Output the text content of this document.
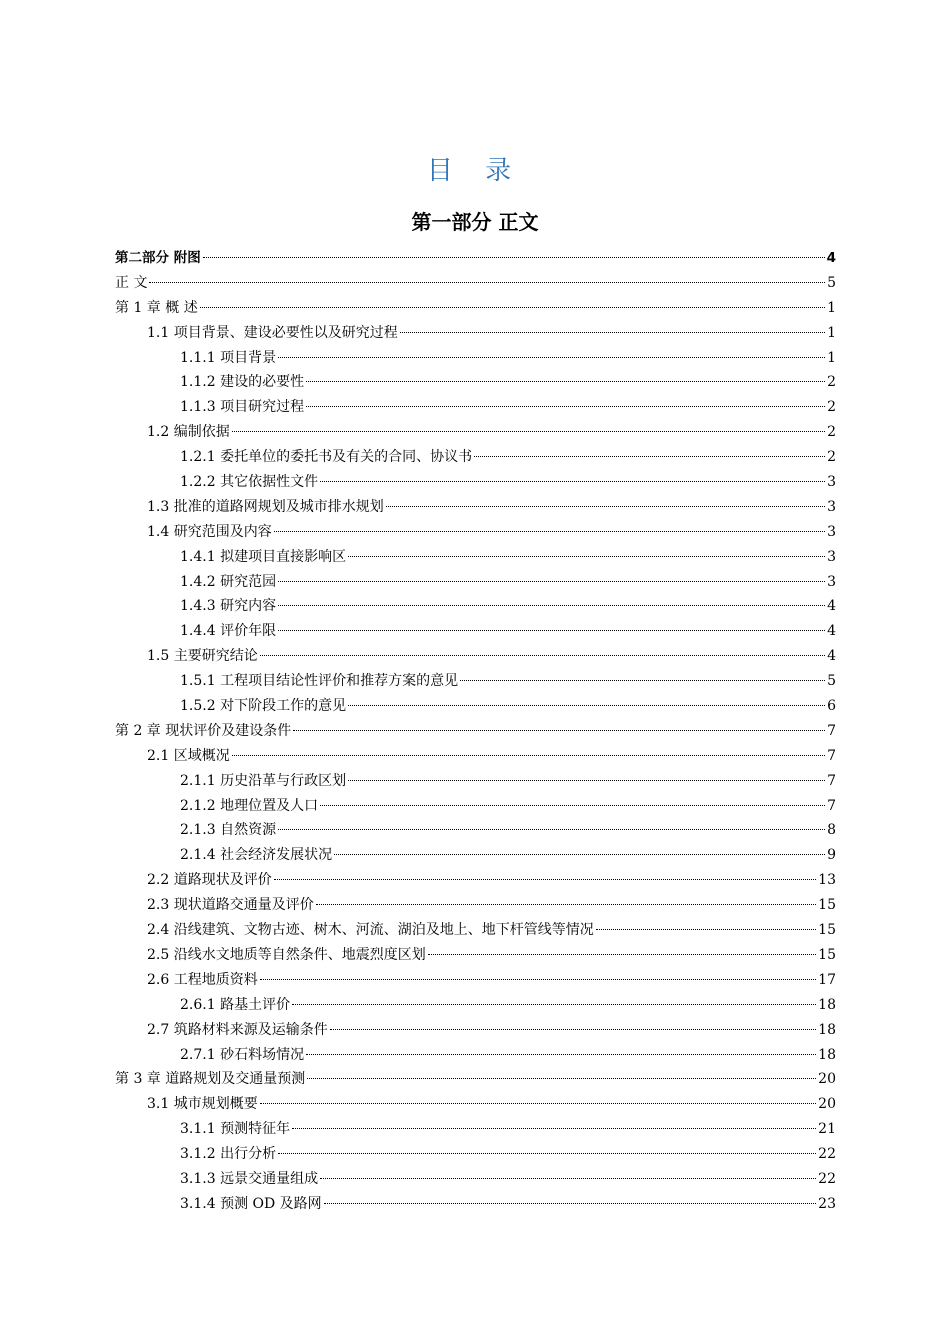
目 录
第一部分 正文
第二部分 附图	4
正 文	5
第 1 章 概 述	1
1.1 项目背景、建设必要性以及研究过程	1
1.1.1 项目背景	1
1.1.2 建设的必要性	2
1.1.3 项目研究过程	2
1.2 编制依据	2
1.2.1 委托单位的委托书及有关的合同、协议书	2
1.2.2 其它依据性文件	3
1.3 批准的道路网规划及城市排水规划	3
1.4 研究范围及内容	3
1.4.1 拟建项目直接影响区	3
1.4.2 研究范园	3
1.4.3 研究内容	4
1.4.4 评价年限	4
1.5 主要研究结论	4
1.5.1 工程项目结论性评价和推荐方案的意见	5
1.5.2 对下阶段工作的意见	6
第 2 章 现状评价及建设条件	7
2.1 区域概况	7
2.1.1 历史沿革与行政区划	7
2.1.2 地理位置及人口	7
2.1.3 自然资源	8
2.1.4 社会经济发展状况	9
2.2 道路现状及评价	13
2.3 现状道路交通量及评价	15
2.4 沿线建筑、文物古迹、树木、河流、湖泊及地上、地下杆管线等情况	15
2.5 沿线水文地质等自然条件、地震烈度区划	15
2.6 工程地质资料	17
2.6.1 路基土评价	18
2.7 筑路材料来源及运输条件	18
2.7.1 砂石料场情况	18
第 3 章 道路规划及交通量预测	20
3.1 城市规划概要	20
3.1.1 预测特征年	21
3.1.2 出行分析	22
3.1.3 远景交通量组成	22
3.1.4 预测 OD 及路网	23
